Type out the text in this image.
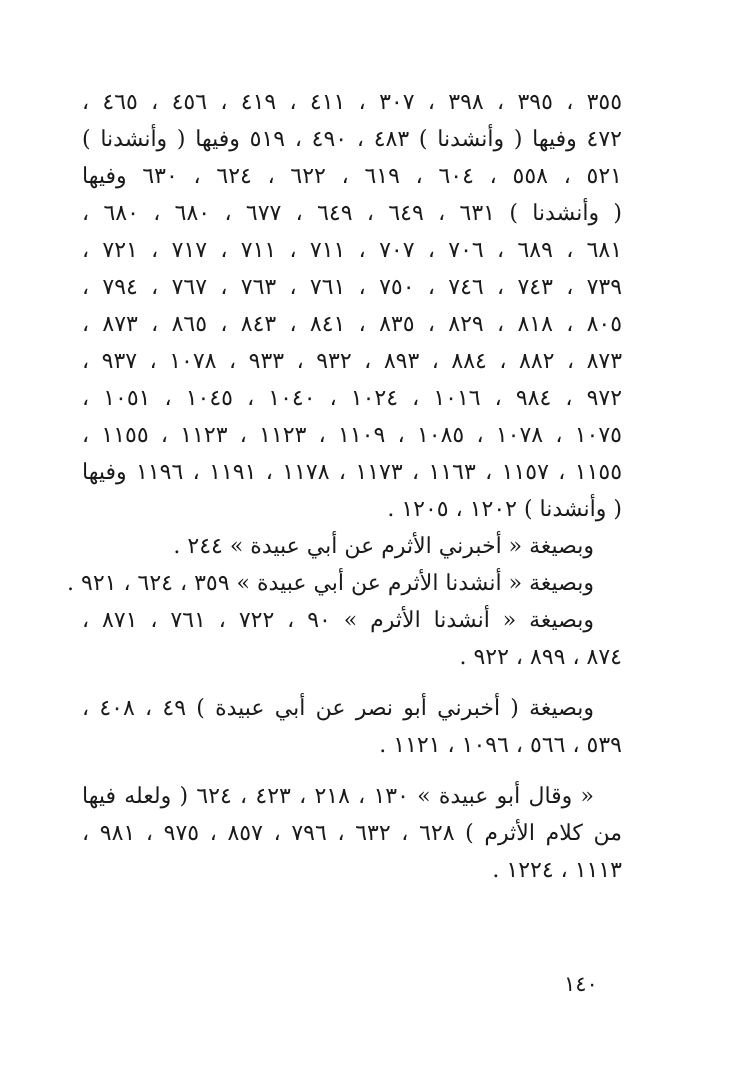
٣٥٥ ، ٣٩٥ ، ٣٩٨ ، ٣٠٧ ، ٤١١ ، ٤١٩ ، ٤٥٦ ، ٤٦٥ ،
٤٧٢ وفيها ( وأنشدنا ) ٤٨٣ ، ٤٩٠ ، ٥١٩ وفيها ( وأنشدنا )
٥٢١ ، ٥٥٨ ، ٦٠٤ ، ٦١٩ ، ٦٢٢ ، ٦٢٤ ، ٦٣٠ وفيها
( وأنشدنا ) ٦٣١ ، ٦٤٩ ، ٦٤٩ ، ٦٧٧ ، ٦٨٠ ، ٦٨٠ ،
٦٨١ ، ٦٨٩ ، ٧٠٦ ، ٧٠٧ ، ٧١١ ، ٧١١ ، ٧١٧ ، ٧٢١ ،
٧٣٩ ، ٧٤٣ ، ٧٤٦ ، ٧٥٠ ، ٧٦١ ، ٧٦٣ ، ٧٦٧ ، ٧٩٤ ،
٨٠٥ ، ٨١٨ ، ٨٢٩ ، ٨٣٥ ، ٨٤١ ، ٨٤٣ ، ٨٦٥ ، ٨٧٣ ،
٨٧٣ ، ٨٨٢ ، ٨٨٤ ، ٨٩٣ ، ٩٣٢ ، ٩٣٣ ، ١٠٧٨ ، ٩٣٧ ،
٩٧٢ ، ٩٨٤ ، ١٠١٦ ، ١٠٢٤ ، ١٠٤٠ ، ١٠٤٥ ، ١٠٥١ ،
١٠٧٥ ، ١٠٧٨ ، ١٠٨٥ ، ١١٠٩ ، ١١٢٣ ، ١١٢٣ ، ١١٥٥ ،
١١٥٥ ، ١١٥٧ ، ١١٦٣ ، ١١٧٣ ، ١١٧٨ ، ١١٩١ ، ١١٩٦ وفيها
( وأنشدنا ) ١٢٠٢ ، ١٢٠٥ .
وبصيغة « أخبرني الأثرم عن أبي عبيدة » ٢٤٤ .
وبصيغة « أنشدنا الأثرم عن أبي عبيدة » ٣٥٩ ، ٦٢٤ ، ٩٢١ .
وبصيغة « أنشدنا الأثرم » ٩٠ ، ٧٢٢ ، ٧٦١ ، ٨٧١ ،
٨٧٤ ، ٨٩٩ ، ٩٢٢ .
وبصيغة ( أخبرني أبو نصر عن أبي عبيدة ) ٤٩ ، ٤٠٨ ،
٥٣٩ ، ٥٦٦ ، ١٠٩٦ ، ١١٢١ .
« وقال أبو عبيدة » ١٣٠ ، ٢١٨ ، ٤٢٣ ، ٦٢٤ ( ولعله فيها
من كلام الأثرم ) ٦٢٨ ، ٦٣٢ ، ٧٩٦ ، ٨٥٧ ، ٩٧٥ ، ٩٨١ ،
١١١٣ ، ١٢٢٤ .
١٤٠
